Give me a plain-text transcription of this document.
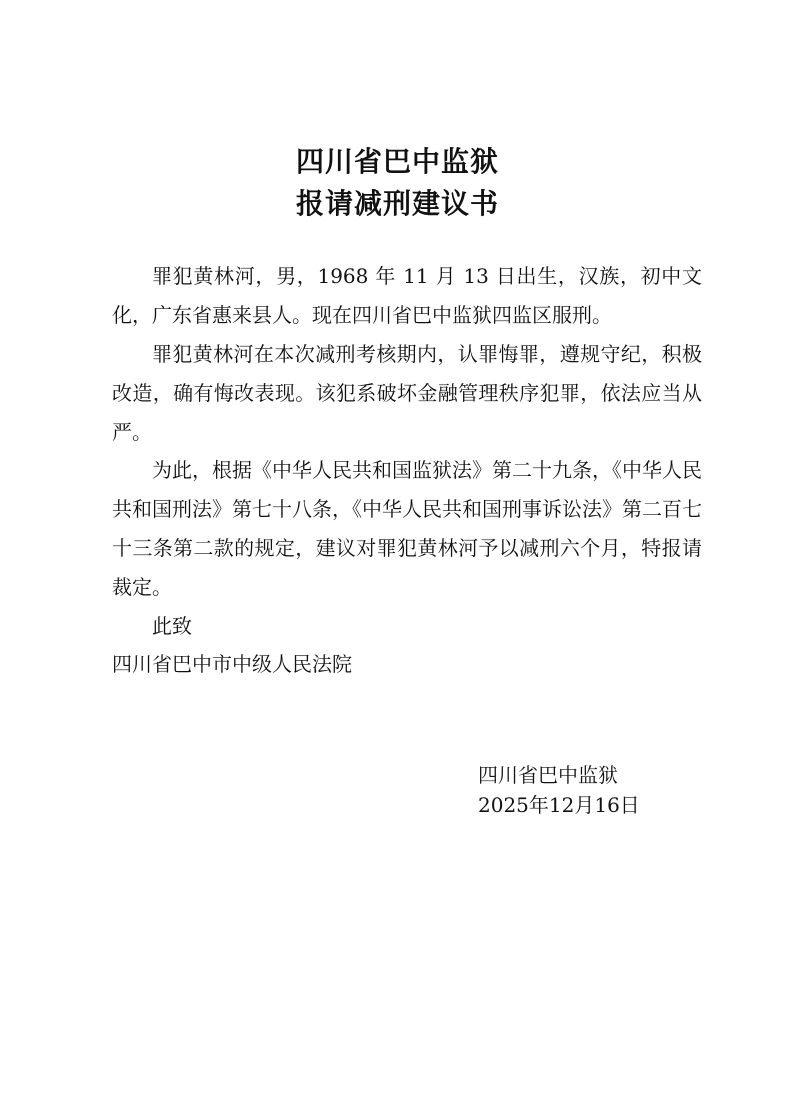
四川省巴中监狱
报请减刑建议书

罪犯黄林河，男，1968 年 11 月 13 日出生，汉族，初中文化，广东省惠来县人。现在四川省巴中监狱四监区服刑。

罪犯黄林河在本次减刑考核期内，认罪悔罪，遵规守纪，积极改造，确有悔改表现。该犯系破坏金融管理秩序犯罪，依法应当从严。

为此，根据《中华人民共和国监狱法》第二十九条，《中华人民共和国刑法》第七十八条，《中华人民共和国刑事诉讼法》第二百七十三条第二款的规定，建议对罪犯黄林河予以减刑六个月，特报请裁定。

此致
四川省巴中市中级人民法院
四川省巴中监狱
2025年12月16日
